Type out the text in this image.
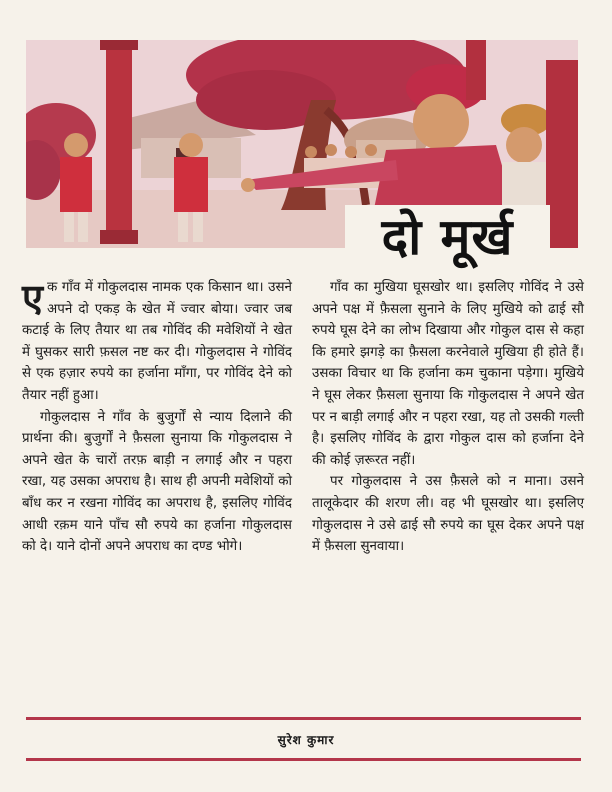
दो मूर्ख

एक गाँव में गोकुलदास नामक एक किसान था। उसने अपने दो एकड़ के खेत में ज्वार बोया। ज्वार जब कटाई के लिए तैयार था तब गोविंद की मवेशियों ने खेत में घुसकर सारी फ़सल नष्ट कर दी। गोकुलदास ने गोविंद से एक हज़ार रुपये का हर्जाना माँगा, पर गोविंद देने को तैयार नहीं हुआ।

गोकुलदास ने गाँव के बुजुर्गों से न्याय दिलाने की प्रार्थना की। बुजुर्गों ने फ़ैसला सुनाया कि गोकुलदास ने अपने खेत के चारों तरफ़ बाड़ी न लगाई और न पहरा रखा, यह उसका अपराध है। साथ ही अपनी मवेशियों को बाँध कर न रखना गोविंद का अपराध है, इसलिए गोविंद आधी रक़म याने पाँच सौ रुपये का हर्जाना गोकुलदास को दे। याने दोनों अपने अपराध का दण्ड भोगे।

गाँव का मुखिया घूसखोर था। इसलिए गोविंद ने उसे अपने पक्ष में फ़ैसला सुनाने के लिए मुखिये को ढाई सौ रुपये घूस देने का लोभ दिखाया और गोकुल दास से कहा कि हमारे झगड़े का फ़ैसला करनेवाले मुखिया ही होते हैं। उसका विचार था कि हर्जाना कम चुकाना पड़ेगा। मुखिये ने घूस लेकर फ़ैसला सुनाया कि गोकुलदास ने अपने खेत पर न बाड़ी लगाई और न पहरा रखा, यह तो उसकी गल्ती है। इसलिए गोविंद के द्वारा गोकुल दास को हर्जाना देने की कोई ज़रूरत नहीं।

पर गोकुलदास ने उस फ़ैसले को न माना। उसने तालूकेदार की शरण ली। वह भी घूसखोर था। इसलिए गोकुलदास ने उसे ढाई सौ रुपये का घूस देकर अपने पक्ष में फ़ैसला सुनवाया।

सुरेश कुमार
